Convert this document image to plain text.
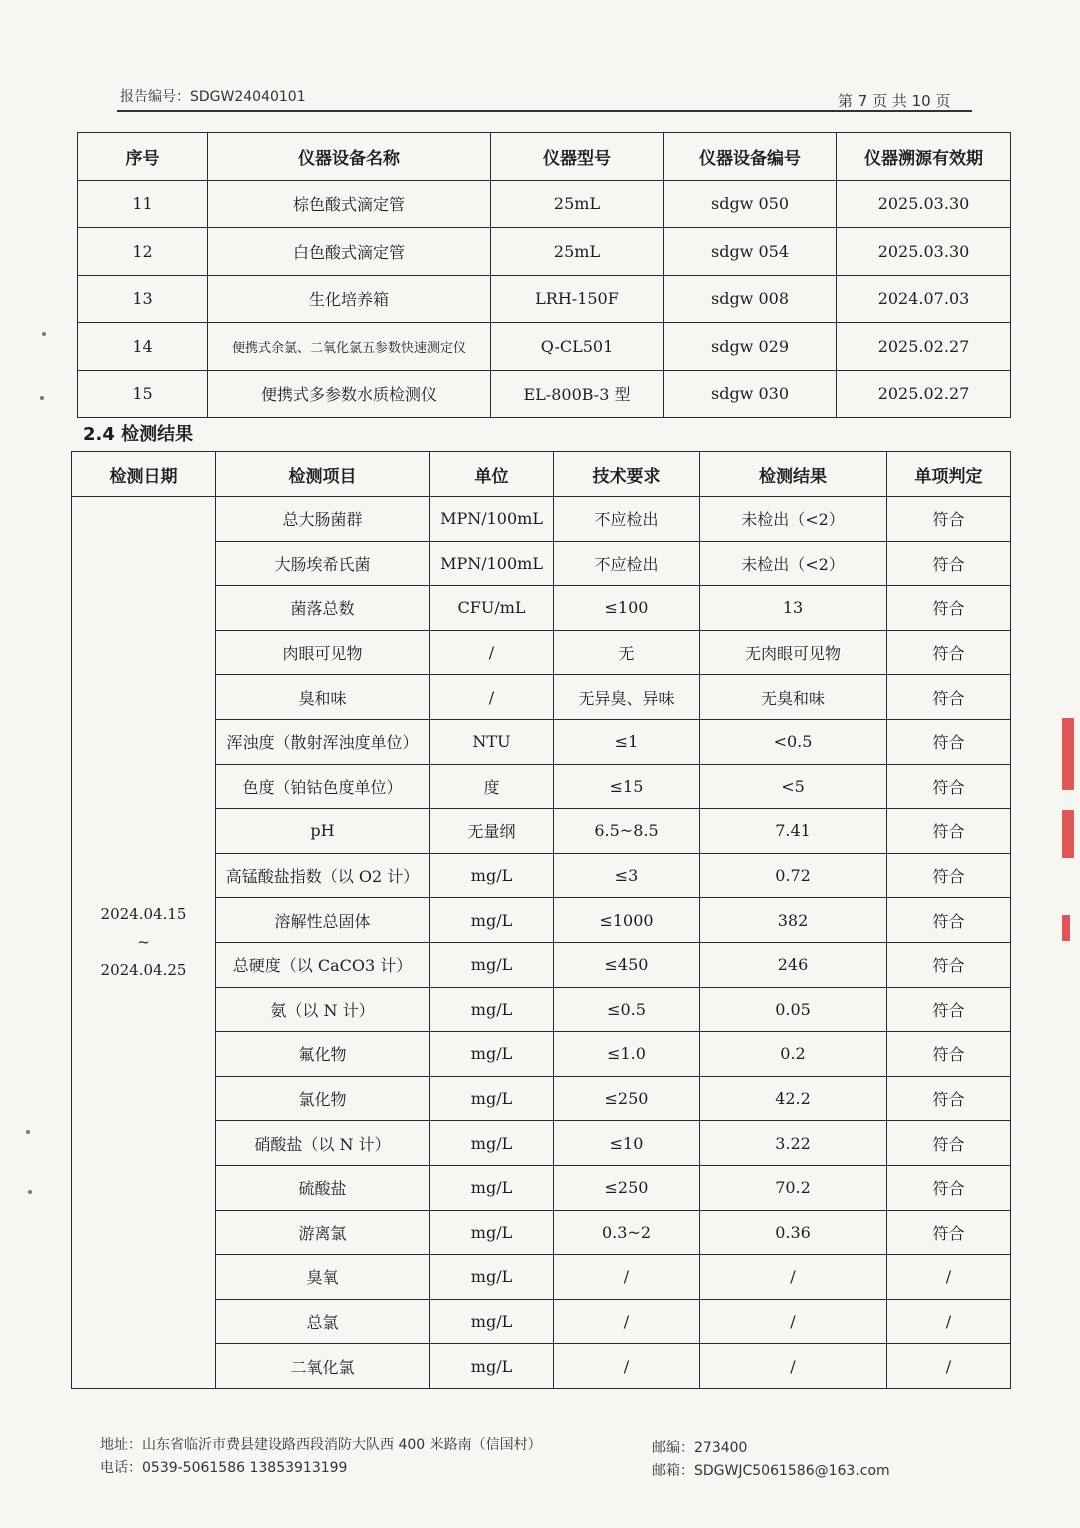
报告编号：SDGW24040101	第 7 页 共 10 页
序号	仪器设备名称	仪器型号	仪器设备编号	仪器溯源有效期
11	棕色酸式滴定管	25mL	sdgw 050	2025.03.30
12	白色酸式滴定管	25mL	sdgw 054	2025.03.30
13	生化培养箱	LRH-150F	sdgw 008	2024.07.03
14	便携式余氯、二氧化氯五参数快速测定仪	Q-CL501	sdgw 029	2025.02.27
15	便携式多参数水质检测仪	EL-800B-3 型	sdgw 030	2025.02.27
2.4 检测结果
检测日期	检测项目	单位	技术要求	检测结果	单项判定

2024.04.15
~
2024.04.25	总大肠菌群	MPN/100mL	不应检出	未检出（<2）	符合
	大肠埃希氏菌	MPN/100mL	不应检出	未检出（<2）	符合
	菌落总数	CFU/mL	≤100	13	符合
	肉眼可见物	/	无	无肉眼可见物	符合
	臭和味	/	无异臭、异味	无臭和味	符合
	浑浊度（散射浑浊度单位）	NTU	≤1	<0.5	符合
	色度（铂钴色度单位）	度	≤15	<5	符合
	pH	无量纲	6.5~8.5	7.41	符合
	高锰酸盐指数（以 O2 计）	mg/L	≤3	0.72	符合
	溶解性总固体	mg/L	≤1000	382	符合
	总硬度（以 CaCO3 计）	mg/L	≤450	246	符合
	氨（以 N 计）	mg/L	≤0.5	0.05	符合
	氟化物	mg/L	≤1.0	0.2	符合
	氯化物	mg/L	≤250	42.2	符合
	硝酸盐（以 N 计）	mg/L	≤10	3.22	符合
	硫酸盐	mg/L	≤250	70.2	符合
	游离氯	mg/L	0.3~2	0.36	符合
	臭氧	mg/L	/	/	/
	总氯	mg/L	/	/	/
	二氧化氯	mg/L	/	/	/
地址：山东省临沂市费县建设路西段消防大队西 400 米路南（信国村）
电话：0539-5061586 13853913199
邮编：273400
邮箱：SDGWJC5061586@163.com
